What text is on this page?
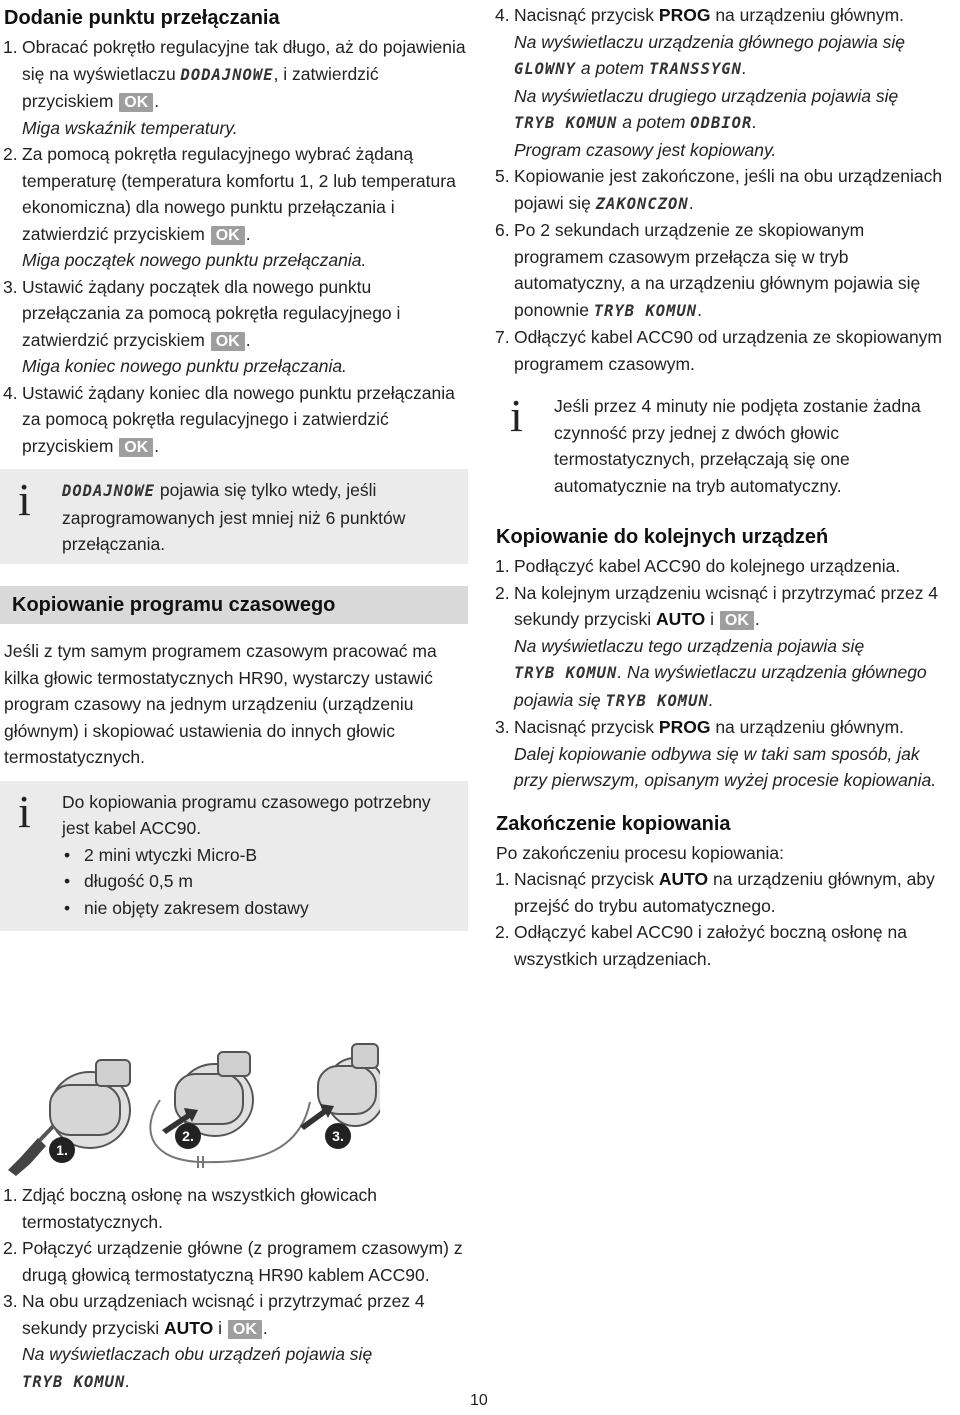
Dodanie punktu przełączania
1. Obracać pokrętło regulacyjne tak długo, aż do pojawienia się na wyświetlaczu DODAJNOWE, i zatwierdzić przyciskiem OK .
Miga wskaźnik temperatury.
2. Za pomocą pokrętła regulacyjnego wybrać żądaną temperaturę (temperatura komfortu 1, 2 lub temperatura ekonomiczna) dla nowego punktu przełączania i zatwierdzić przyciskiem OK .
Miga początek nowego punktu przełączania.
3. Ustawić żądany początek dla nowego punktu przełączania za pomocą pokrętła regulacyjnego i zatwierdzić przyciskiem OK .
Miga koniec nowego punktu przełączania.
4. Ustawić żądany koniec dla nowego punktu przełączania za pomocą pokrętła regulacyjnego i zatwierdzić przyciskiem OK .
i DODAJNOWE pojawia się tylko wtedy, jeśli zaprogramowanych jest mniej niż 6 punktów przełączania.
Kopiowanie programu czasowego

Jeśli z tym samym programem czasowym pracować ma kilka głowic termostatycznych HR90, wystarczy ustawić program czasowy na jednym urządzeniu (urządzeniu głównym) i skopiować ustawienia do innych głowic termostatycznych.

i Do kopiowania programu czasowego potrzebny jest kabel ACC90.
• 2 mini wtyczki Micro-B
• długość 0,5 m
• nie objęty zakresem dostawy
1.
2.	3.
1. Zdjąć boczną osłonę na wszystkich głowicach termostatycznych.
2. Połączyć urządzenie główne (z programem czasowym) z drugą głowicą termostatyczną HR90 kablem ACC90.
3. Na obu urządzeniach wcisnąć i przytrzymać przez 4 sekundy przyciski AUTO i OK .
Na wyświetlaczach obu urządzeń pojawia się
TRYB KOMUN.
4. Nacisnąć przycisk PROG na urządzeniu głównym.
Na wyświetlaczu urządzenia głównego pojawia się
GLOWNY a potem TRANSSYGN.
Na wyświetlaczu drugiego urządzenia pojawia się
TRYB KOMUN a potem ODBIOR.
Program czasowy jest kopiowany.
5. Kopiowanie jest zakończone, jeśli na obu urządzeniach pojawi się ZAKONCZON.
6. Po 2 sekundach urządzenie ze skopiowanym programem czasowym przełącza się w tryb automatyczny, a na urządzeniu głównym pojawia się ponownie TRYB KOMUN.
7. Odłączyć kabel ACC90 od urządzenia ze skopiowanym programem czasowym.
i Jeśli przez 4 minuty nie podjęta zostanie żadna czynność przy jednej z dwóch głowic termostatycznych, przełączają się one automatycznie na tryb automatyczny.
Kopiowanie do kolejnych urządzeń
1. Podłączyć kabel ACC90 do kolejnego urządzenia.
2. Na kolejnym urządzeniu wcisnąć i przytrzymać przez 4 sekundy przyciski AUTO i OK .
Na wyświetlaczu tego urządzenia pojawia się
TRYB KOMUN. Na wyświetlaczu urządzenia głównego pojawia się TRYB KOMUN.
3. Nacisnąć przycisk PROG na urządzeniu głównym.
Dalej kopiowanie odbywa się w taki sam sposób, jak przy pierwszym, opisanym wyżej procesie kopiowania.
Zakończenie kopiowania
Po zakończeniu procesu kopiowania:
1. Nacisnąć przycisk AUTO na urządzeniu głównym, aby przejść do trybu automatycznego.
2. Odłączyć kabel ACC90 i założyć boczną osłonę na wszystkich urządzeniach.
10
